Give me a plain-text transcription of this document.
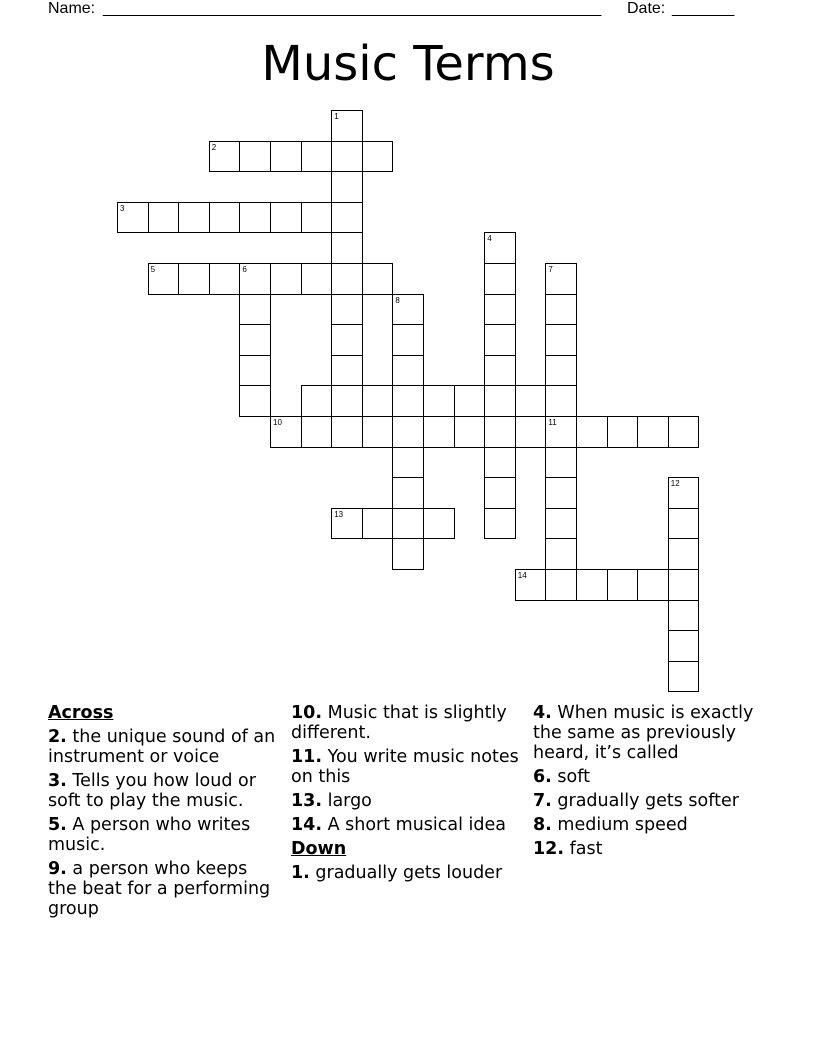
Name: ________________________________________________________ Date: _______
Music Terms
1
2
3
5	6
8
4
7
11
10
13
14
12
Across
2. the unique sound of an instrument or voice
3. Tells you how loud or soft to play the music.
5. A person who writes music.
9. a person who keeps the beat for a performing group
10. Music that is slightly different.
11. You write music notes on this
13. largo
14. A short musical idea
Down
1. gradually gets louder
4. When music is exactly the same as previously heard, it’s called
6. soft
7. gradually gets softer
8. medium speed
12. fast
